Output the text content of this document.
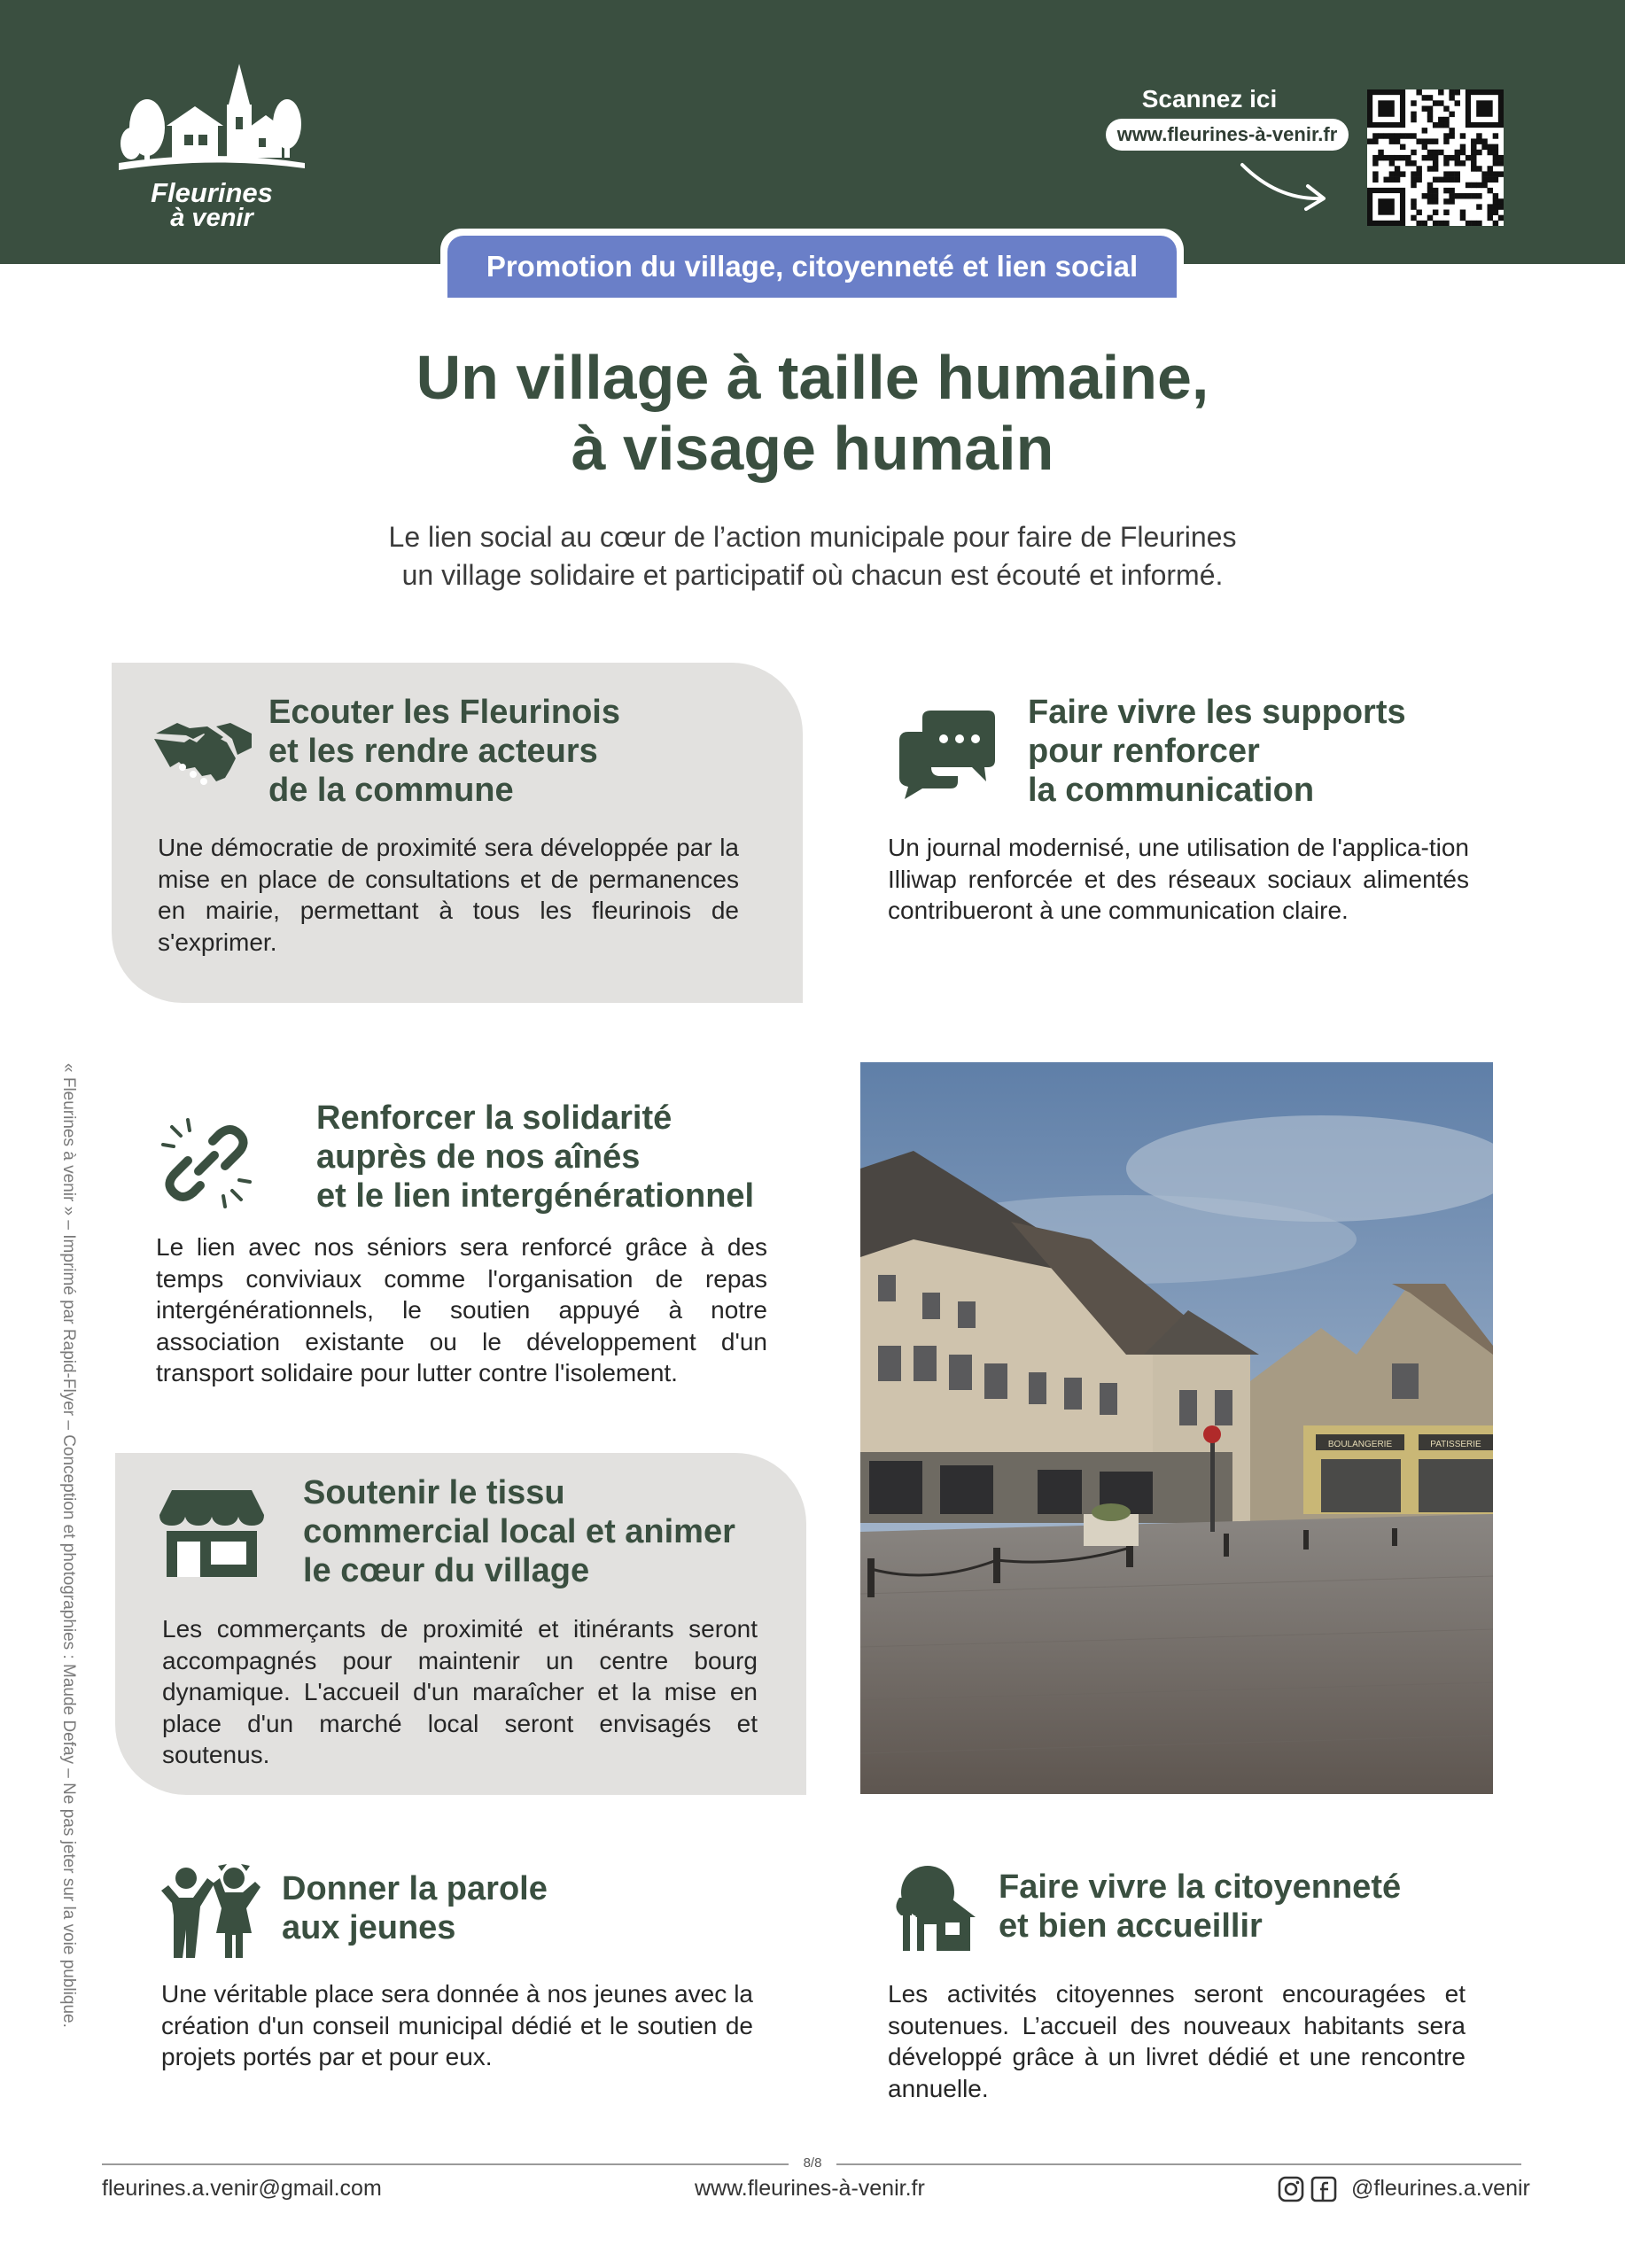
Fleurines
à venir
Scannez ici
www.fleurines-à-venir.fr
Promotion du village, citoyenneté et lien social
Un village à taille humaine,
à visage humain
Le lien social au cœur de l’action municipale pour faire de Fleurines
un village solidaire et participatif où chacun est écouté et informé.
Ecouter les Fleurinois
et les rendre acteurs
de la commune
Une démocratie de proximité sera développée par la mise en place de consultations et de permanences en mairie, permettant à tous les fleurinois de s'exprimer.
Faire vivre les supports
pour renforcer
la communication
Un journal modernisé, une utilisation de l'applica-tion Illiwap renforcée et des réseaux sociaux alimentés contribueront à une communication claire.
Renforcer la solidarité
auprès de nos aînés
et le lien intergénérationnel
Le lien avec nos séniors sera renforcé grâce à des temps conviviaux comme l'organisation de repas intergénérationnels, le soutien appuyé à notre association existante ou le développement d'un transport solidaire pour lutter contre l'isolement.
Soutenir le tissu
commercial local et animer
le cœur du village
Les commerçants de proximité et itinérants seront accompagnés pour maintenir un centre bourg dynamique. L'accueil d'un maraîcher et la mise en place d'un marché local seront envisagés et soutenus.
BOULANGERIE	PATISSERIE
Donner la parole
aux jeunes
Une véritable place sera donnée à nos jeunes avec la création d'un conseil municipal dédié et le soutien de projets portés par et pour eux.
Faire vivre la citoyenneté
et bien accueillir
Les activités citoyennes seront encouragées et soutenues. L’accueil des nouveaux habitants sera développé grâce à un livret dédié et une rencontre annuelle.
« Fleurines à venir » – Imprimé par Rapid-Flyer – Conception et photographies : Maude Defay – Ne pas jeter sur la voie publique.
8/8
fleurines.a.venir@gmail.com	www.fleurines-à-venir.fr	@fleurines.a.venir
